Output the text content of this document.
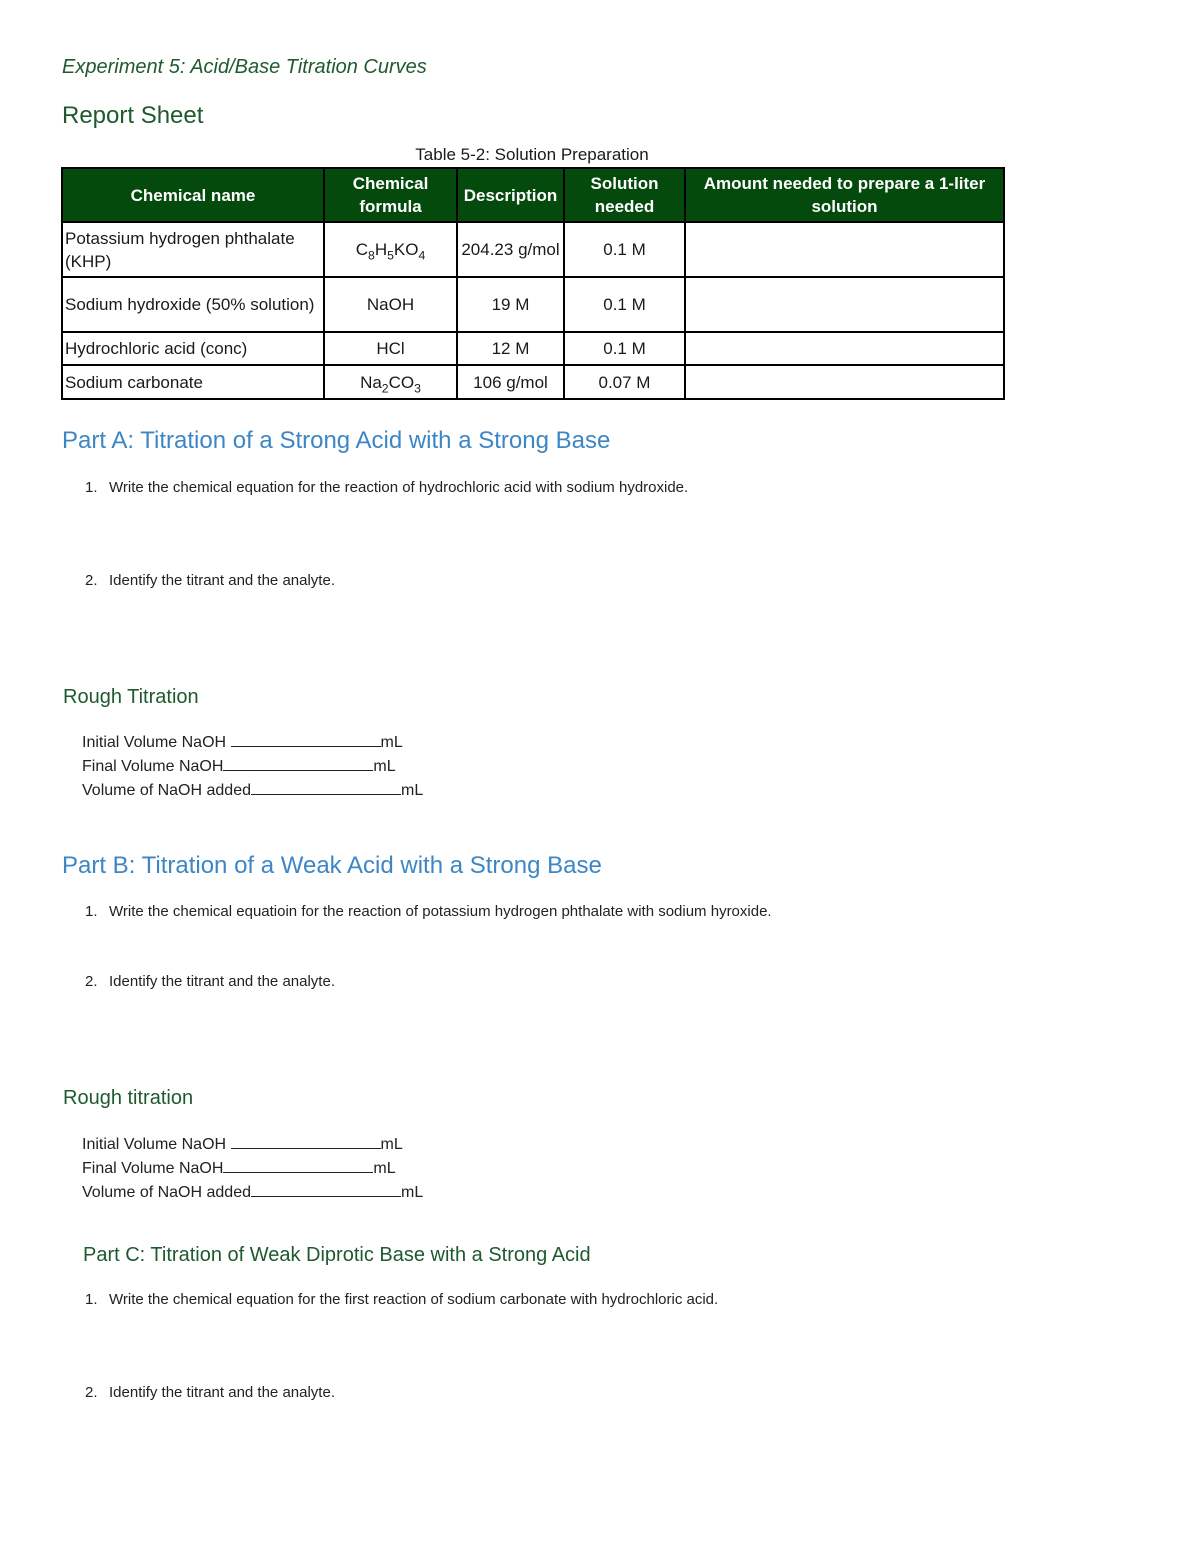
Experiment 5: Acid/Base Titration Curves
Report Sheet
Table 5-2: Solution Preparation
Chemical name	Chemical formula	Description	Solution needed	Amount needed to prepare a 1-liter solution
Potassium hydrogen phthalate (KHP)	$C_8H_5KO_4$	204.23 g/mol	0.1 M	
Sodium hydroxide (50% solution)	NaOH	19 M	0.1 M	
Hydrochloric acid (conc)	HCl	12 M	0.1 M	
Sodium carbonate	$Na_2CO_3$	106 g/mol	0.07 M	
Part A: Titration of a Strong Acid with a Strong Base
1. Write the chemical equation for the reaction of hydrochloric acid with sodium hydroxide.
2. Identify the titrant and the analyte.
Rough Titration
Initial Volume NaOH	mL
Final Volume NaOH	mL
Volume of NaOH added	mL
Part B: Titration of a Weak Acid with a Strong Base
1. Write the chemical equatioin for the reaction of potassium hydrogen phthalate with sodium hyroxide.
2. Identify the titrant and the analyte.
Rough titration
Initial Volume NaOH	mL
Final Volume NaOH	mL
Volume of NaOH added	mL
Part C: Titration of Weak Diprotic Base with a Strong Acid
1. Write the chemical equation for the first reaction of sodium carbonate with hydrochloric acid.
2. Identify the titrant and the analyte.
